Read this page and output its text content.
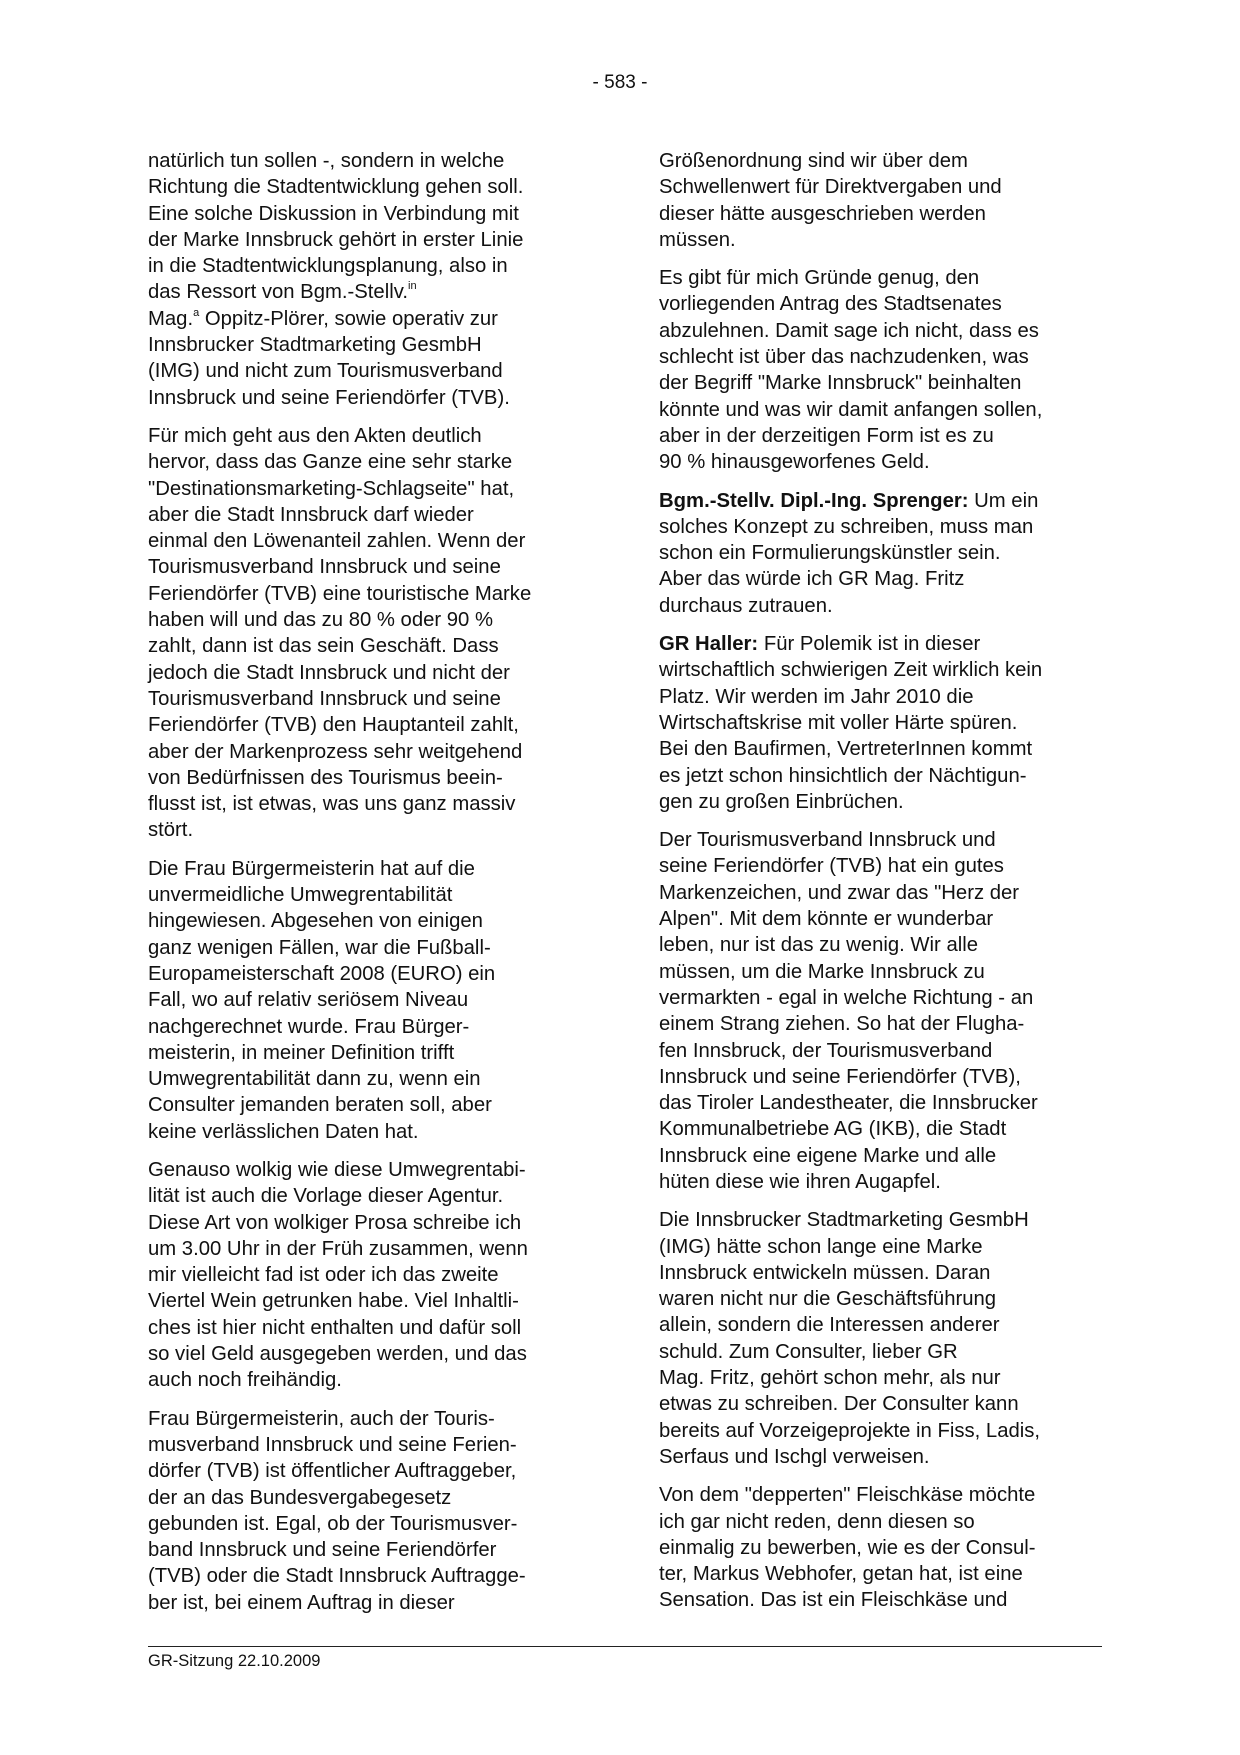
- 583 -

natürlich tun sollen -, sondern in welche
Richtung die Stadtentwicklung gehen soll.
Eine solche Diskussion in Verbindung mit
der Marke Innsbruck gehört in erster Linie
in die Stadtentwicklungsplanung, also in
das Ressort von Bgm.-Stellv.$^{in}$
Mag.$^a$ Oppitz-Plörer, sowie operativ zur
Innsbrucker Stadtmarketing GesmbH
(IMG) und nicht zum Tourismusverband
Innsbruck und seine Feriendörfer (TVB).

Für mich geht aus den Akten deutlich
hervor, dass das Ganze eine sehr starke
"Destinationsmarketing-Schlagseite" hat,
aber die Stadt Innsbruck darf wieder
einmal den Löwenanteil zahlen. Wenn der
Tourismusverband Innsbruck und seine
Feriendörfer (TVB) eine touristische Marke
haben will und das zu 80 % oder 90 %
zahlt, dann ist das sein Geschäft. Dass
jedoch die Stadt Innsbruck und nicht der
Tourismusverband Innsbruck und seine
Feriendörfer (TVB) den Hauptanteil zahlt,
aber der Markenprozess sehr weitgehend
von Bedürfnissen des Tourismus beein-
flusst ist, ist etwas, was uns ganz massiv
stört.

Die Frau Bürgermeisterin hat auf die
unvermeidliche Umwegrentabilität
hingewiesen. Abgesehen von einigen
ganz wenigen Fällen, war die Fußball-
Europameisterschaft 2008 (EURO) ein
Fall, wo auf relativ seriösem Niveau
nachgerechnet wurde. Frau Bürger-
meisterin, in meiner Definition trifft
Umwegrentabilität dann zu, wenn ein
Consulter jemanden beraten soll, aber
keine verlässlichen Daten hat.

Genauso wolkig wie diese Umwegrentabi-
lität ist auch die Vorlage dieser Agentur.
Diese Art von wolkiger Prosa schreibe ich
um 3.00 Uhr in der Früh zusammen, wenn
mir vielleicht fad ist oder ich das zweite
Viertel Wein getrunken habe. Viel Inhaltli-
ches ist hier nicht enthalten und dafür soll
so viel Geld ausgegeben werden, und das
auch noch freihändig.

Frau Bürgermeisterin, auch der Touris-
musverband Innsbruck und seine Ferien-
dörfer (TVB) ist öffentlicher Auftraggeber,
der an das Bundesvergabegesetz
gebunden ist. Egal, ob der Tourismusver-
band Innsbruck und seine Feriendörfer
(TVB) oder die Stadt Innsbruck Auftragge-
ber ist, bei einem Auftrag in dieser

Größenordnung sind wir über dem
Schwellenwert für Direktvergaben und
dieser hätte ausgeschrieben werden
müssen.

Es gibt für mich Gründe genug, den
vorliegenden Antrag des Stadtsenates
abzulehnen. Damit sage ich nicht, dass es
schlecht ist über das nachzudenken, was
der Begriff "Marke Innsbruck" beinhalten
könnte und was wir damit anfangen sollen,
aber in der derzeitigen Form ist es zu
90 % hinausgeworfenes Geld.

Bgm.-Stellv. Dipl.-Ing. Sprenger: Um ein
solches Konzept zu schreiben, muss man
schon ein Formulierungskünstler sein.
Aber das würde ich GR Mag. Fritz
durchaus zutrauen.

GR Haller: Für Polemik ist in dieser
wirtschaftlich schwierigen Zeit wirklich kein
Platz. Wir werden im Jahr 2010 die
Wirtschaftskrise mit voller Härte spüren.
Bei den Baufirmen, VertreterInnen kommt
es jetzt schon hinsichtlich der Nächtigun-
gen zu großen Einbrüchen.

Der Tourismusverband Innsbruck und
seine Feriendörfer (TVB) hat ein gutes
Markenzeichen, und zwar das "Herz der
Alpen". Mit dem könnte er wunderbar
leben, nur ist das zu wenig. Wir alle
müssen, um die Marke Innsbruck zu
vermarkten - egal in welche Richtung - an
einem Strang ziehen. So hat der Flugha-
fen Innsbruck, der Tourismusverband
Innsbruck und seine Feriendörfer (TVB),
das Tiroler Landestheater, die Innsbrucker
Kommunalbetriebe AG (IKB), die Stadt
Innsbruck eine eigene Marke und alle
hüten diese wie ihren Augapfel.

Die Innsbrucker Stadtmarketing GesmbH
(IMG) hätte schon lange eine Marke
Innsbruck entwickeln müssen. Daran
waren nicht nur die Geschäftsführung
allein, sondern die Interessen anderer
schuld. Zum Consulter, lieber GR
Mag. Fritz, gehört schon mehr, als nur
etwas zu schreiben. Der Consulter kann
bereits auf Vorzeigeprojekte in Fiss, Ladis,
Serfaus und Ischgl verweisen.

Von dem "depperten" Fleischkäse möchte
ich gar nicht reden, denn diesen so
einmalig zu bewerben, wie es der Consul-
ter, Markus Webhofer, getan hat, ist eine
Sensation. Das ist ein Fleischkäse und

GR-Sitzung 22.10.2009
